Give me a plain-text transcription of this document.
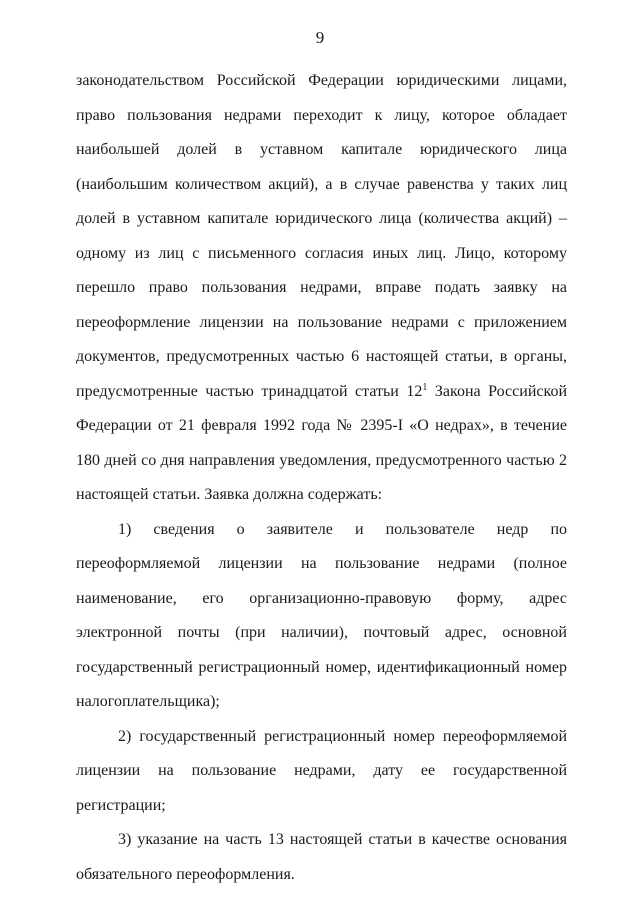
9

законодательством Российской Федерации юридическими лицами, право пользования недрами переходит к лицу, которое обладает наибольшей долей в уставном капитале юридического лица (наибольшим количеством акций), а в случае равенства у таких лиц долей в уставном капитале юридического лица (количества акций) – одному из лиц с письменного согласия иных лиц. Лицо, которому перешло право пользования недрами, вправе подать заявку на переоформление лицензии на пользование недрами с приложением документов, предусмотренных частью 6 настоящей статьи, в органы, предусмотренные частью тринадцатой статьи $12^1$ Закона Российской Федерации от 21 февраля 1992 года № 2395-I «О недрах», в течение 180 дней со дня направления уведомления, предусмотренного частью 2 настоящей статьи. Заявка должна содержать:

1) сведения о заявителе и пользователе недр по переоформляемой лицензии на пользование недрами (полное наименование, его организационно-правовую форму, адрес электронной почты (при наличии), почтовый адрес, основной государственный регистрационный номер, идентификационный номер налогоплательщика);

2) государственный регистрационный номер переоформляемой лицензии на пользование недрами, дату ее государственной регистрации;

3) указание на часть 13 настоящей статьи в качестве основания обязательного переоформления.
